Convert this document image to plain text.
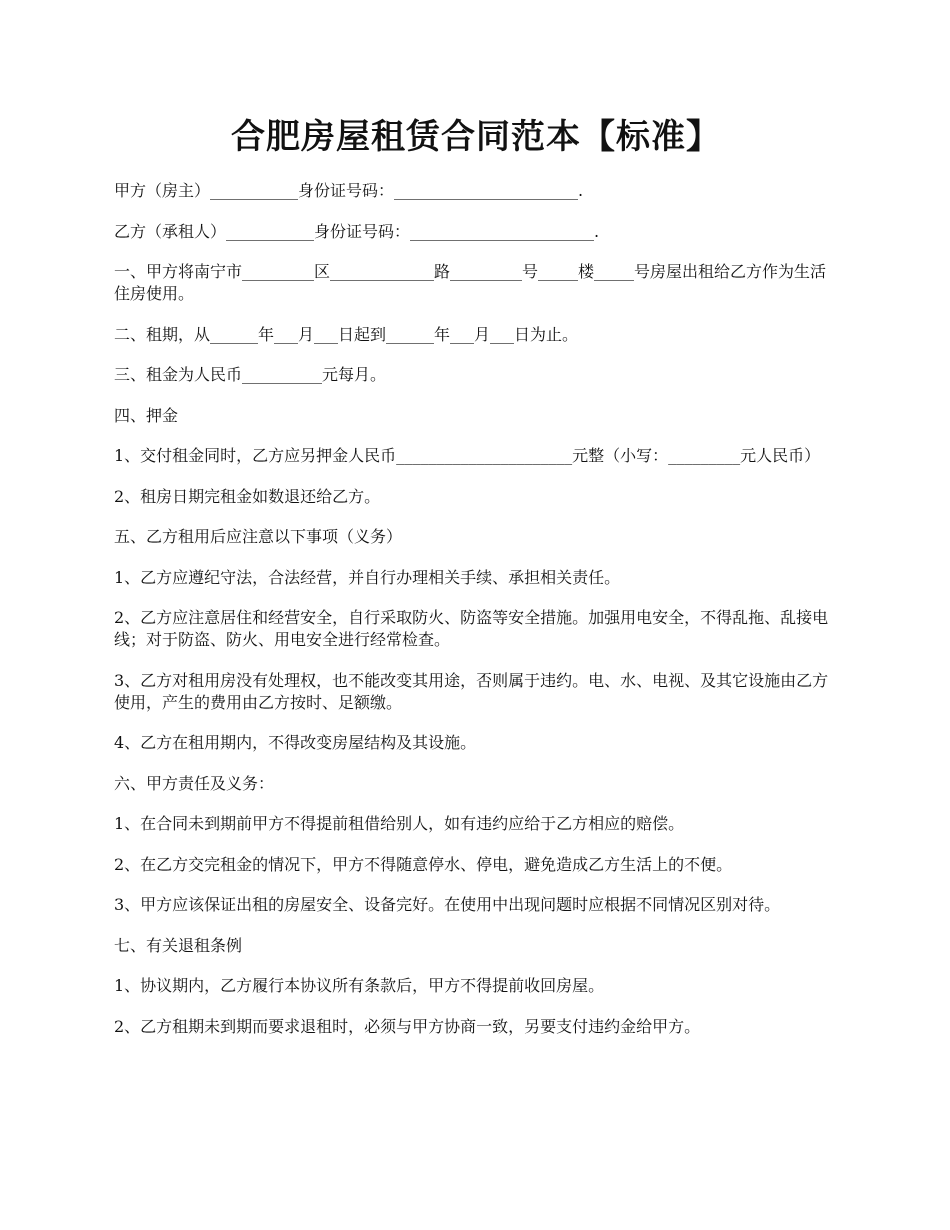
合肥房屋租赁合同范本【标准】

甲方（房主）___________身份证号码：_______________________.

乙方（承租人）___________身份证号码：_______________________.

一、甲方将南宁市_________区_____________路_________号_____楼_____号房屋出租给乙方作为生活住房使用。

二、租期，从______年___月___日起到______年___月___日为止。

三、租金为人民币__________元每月。

四、押金

1、交付租金同时，乙方应另押金人民币______________________元整（小写：_________元人民币）

2、租房日期完租金如数退还给乙方。

五、乙方租用后应注意以下事项（义务）

1、乙方应遵纪守法，合法经营，并自行办理相关手续、承担相关责任。

2、乙方应注意居住和经营安全，自行采取防火、防盗等安全措施。加强用电安全，不得乱拖、乱接电线；对于防盗、防火、用电安全进行经常检查。

3、乙方对租用房没有处理权，也不能改变其用途，否则属于违约。电、水、电视、及其它设施由乙方使用，产生的费用由乙方按时、足额缴。

4、乙方在租用期内，不得改变房屋结构及其设施。

六、甲方责任及义务：

1、在合同未到期前甲方不得提前租借给别人，如有违约应给于乙方相应的赔偿。

2、在乙方交完租金的情况下，甲方不得随意停水、停电，避免造成乙方生活上的不便。

3、甲方应该保证出租的房屋安全、设备完好。在使用中出现问题时应根据不同情况区别对待。

七、有关退租条例

1、协议期内，乙方履行本协议所有条款后，甲方不得提前收回房屋。

2、乙方租期未到期而要求退租时，必须与甲方协商一致，另要支付违约金给甲方。
